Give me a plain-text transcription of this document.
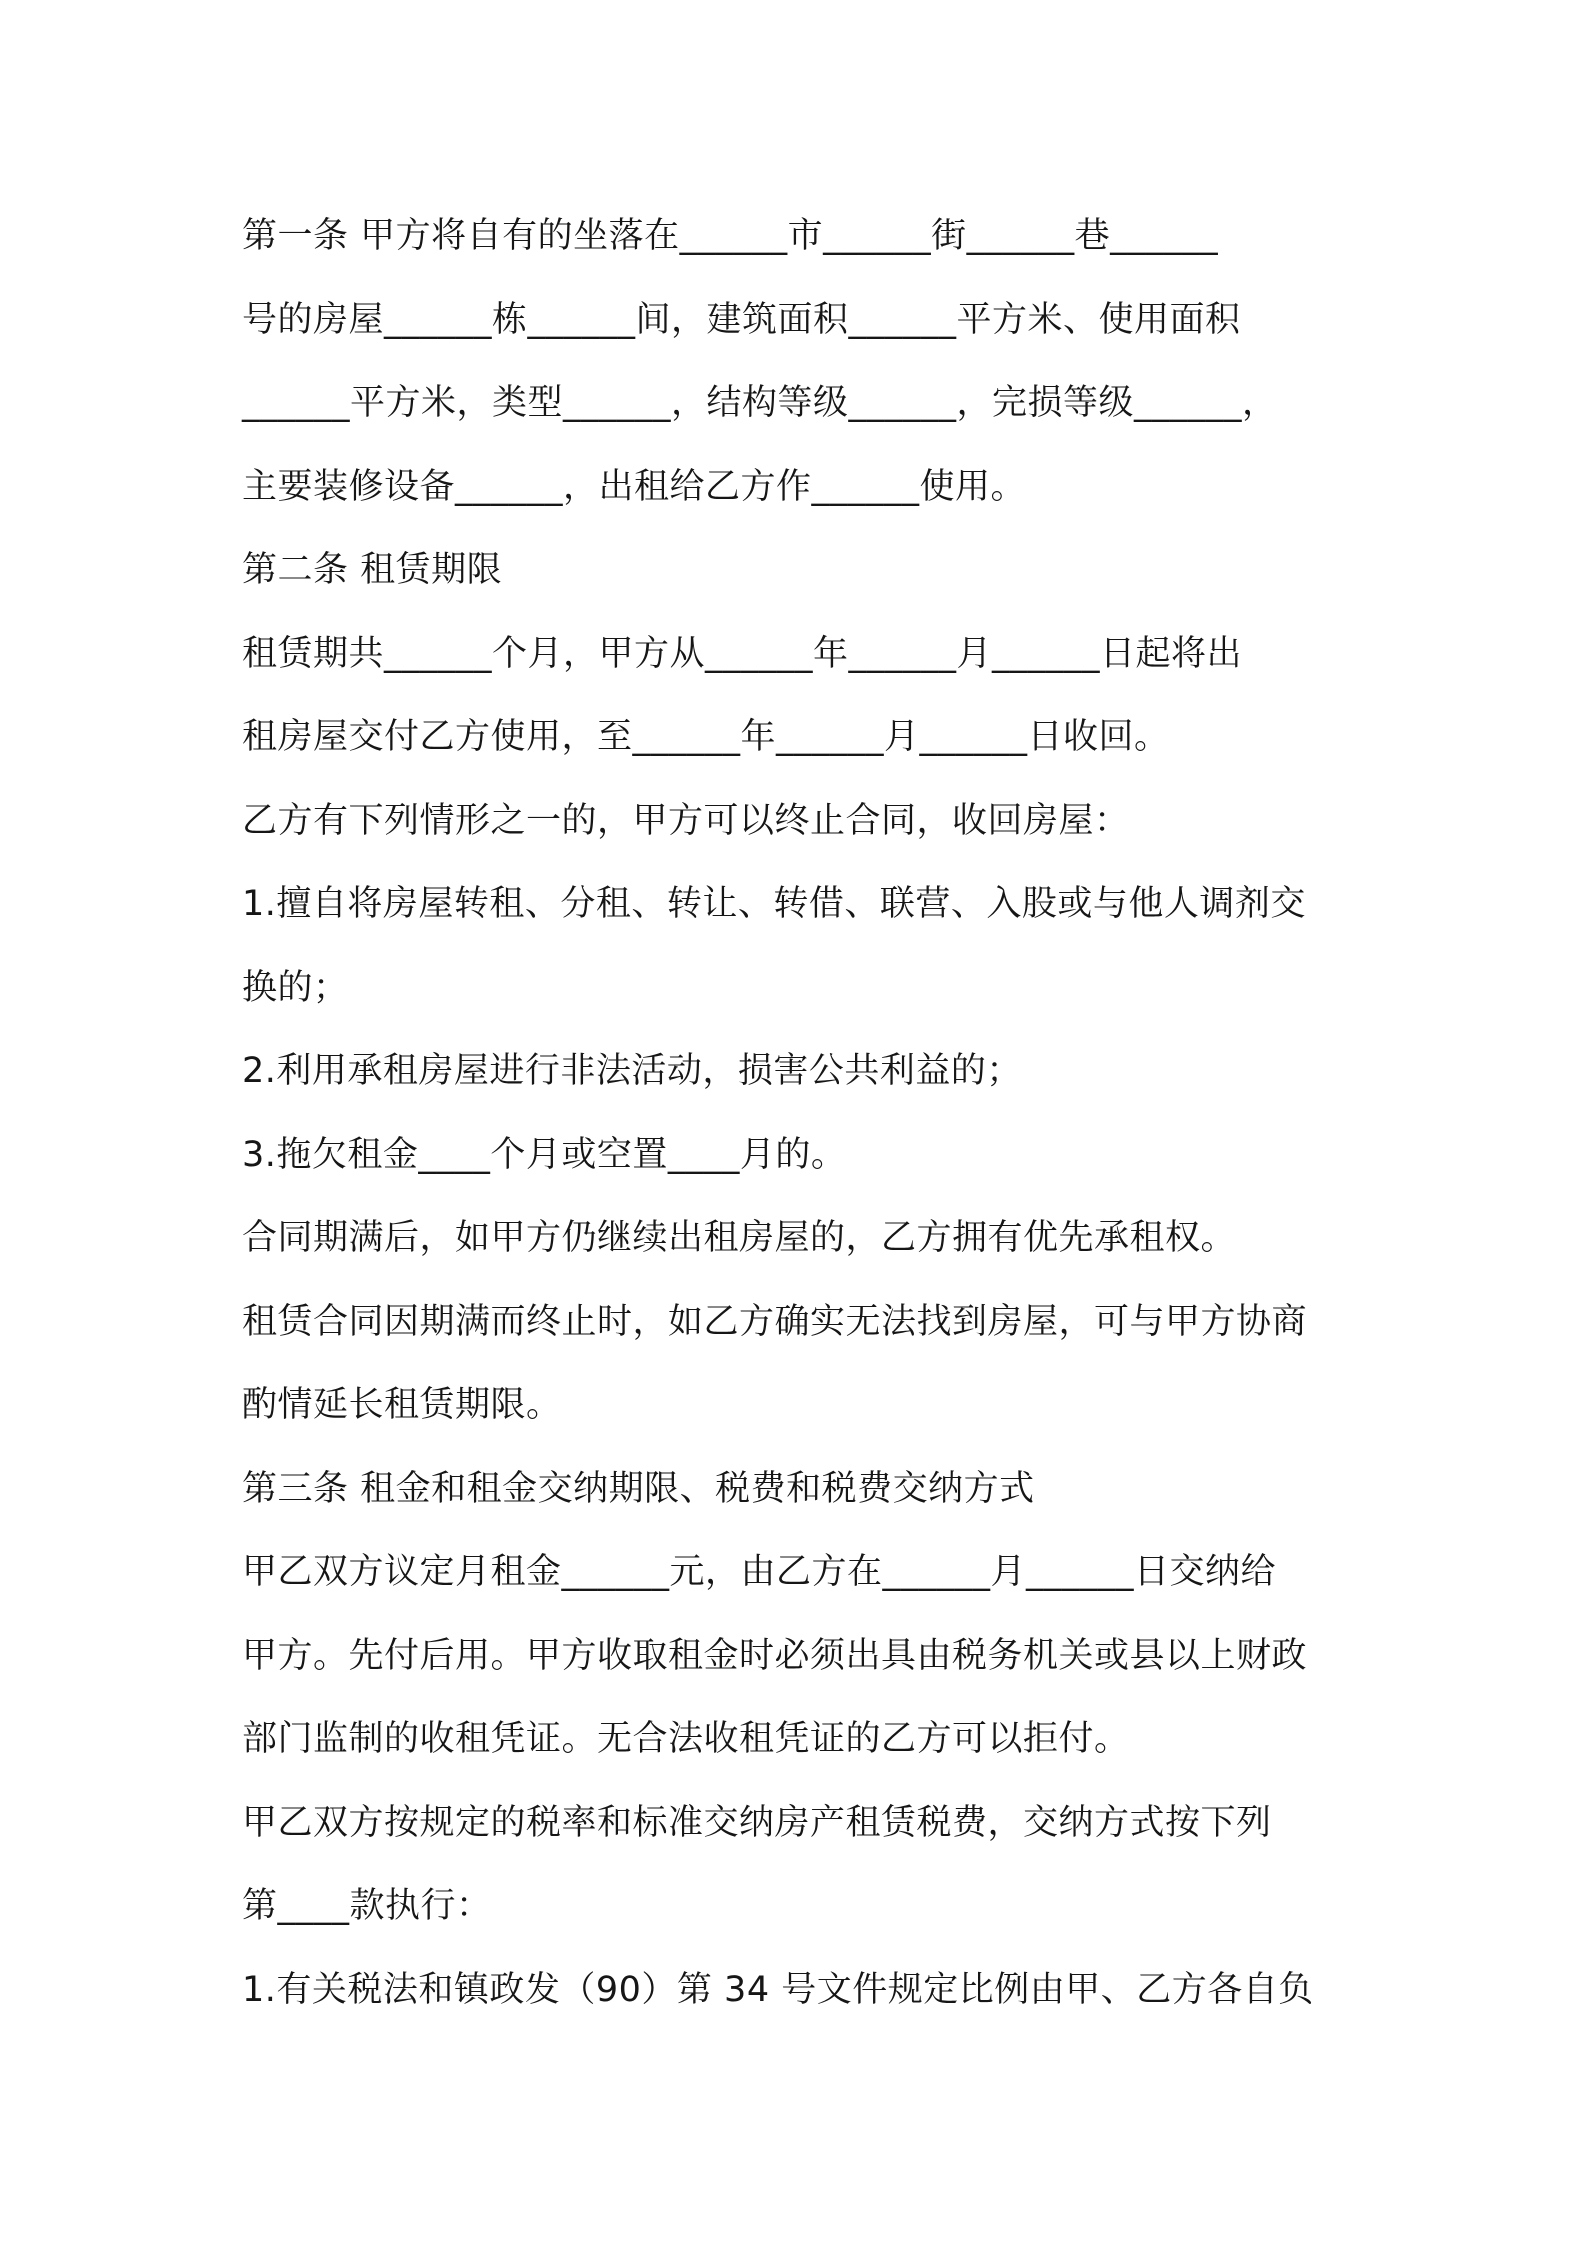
第一条 甲方将自有的坐落在______市______街______巷______
号的房屋______栋______间，建筑面积______平方米、使用面积
______平方米，类型______，结构等级______，完损等级______，
主要装修设备______，出租给乙方作______使用。
第二条 租赁期限
租赁期共______个月，甲方从______年______月______日起将出
租房屋交付乙方使用，至______年______月______日收回。
乙方有下列情形之一的，甲方可以终止合同，收回房屋：
1.擅自将房屋转租、分租、转让、转借、联营、入股或与他人调剂交
换的；
2.利用承租房屋进行非法活动，损害公共利益的；
3.拖欠租金____个月或空置____月的。
合同期满后，如甲方仍继续出租房屋的，乙方拥有优先承租权。
租赁合同因期满而终止时，如乙方确实无法找到房屋，可与甲方协商
酌情延长租赁期限。
第三条 租金和租金交纳期限、税费和税费交纳方式
甲乙双方议定月租金______元，由乙方在______月______日交纳给
甲方。先付后用。甲方收取租金时必须出具由税务机关或县以上财政
部门监制的收租凭证。无合法收租凭证的乙方可以拒付。
甲乙双方按规定的税率和标准交纳房产租赁税费，交纳方式按下列
第____款执行：
1.有关税法和镇政发（90）第 34 号文件规定比例由甲、乙方各自负
